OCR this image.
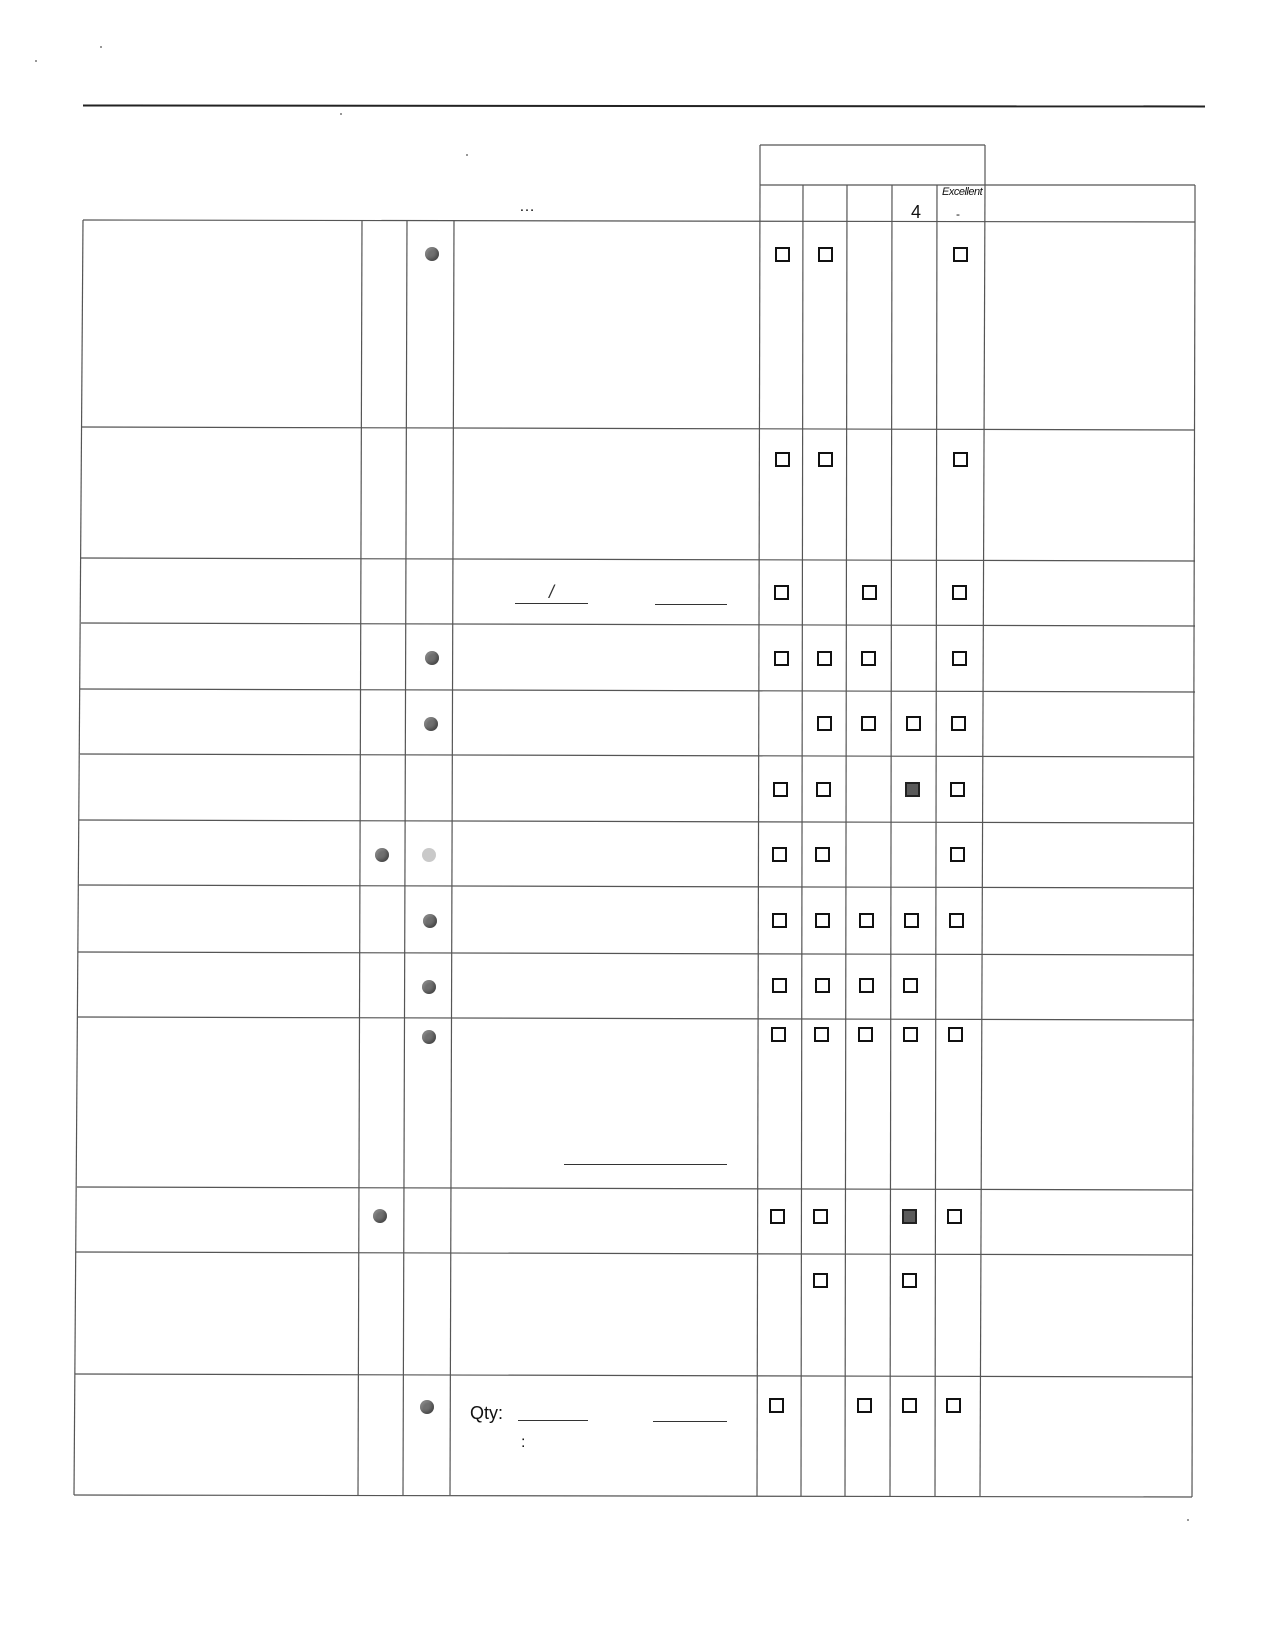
…
Excellent
4	-
/
Qty:
:
